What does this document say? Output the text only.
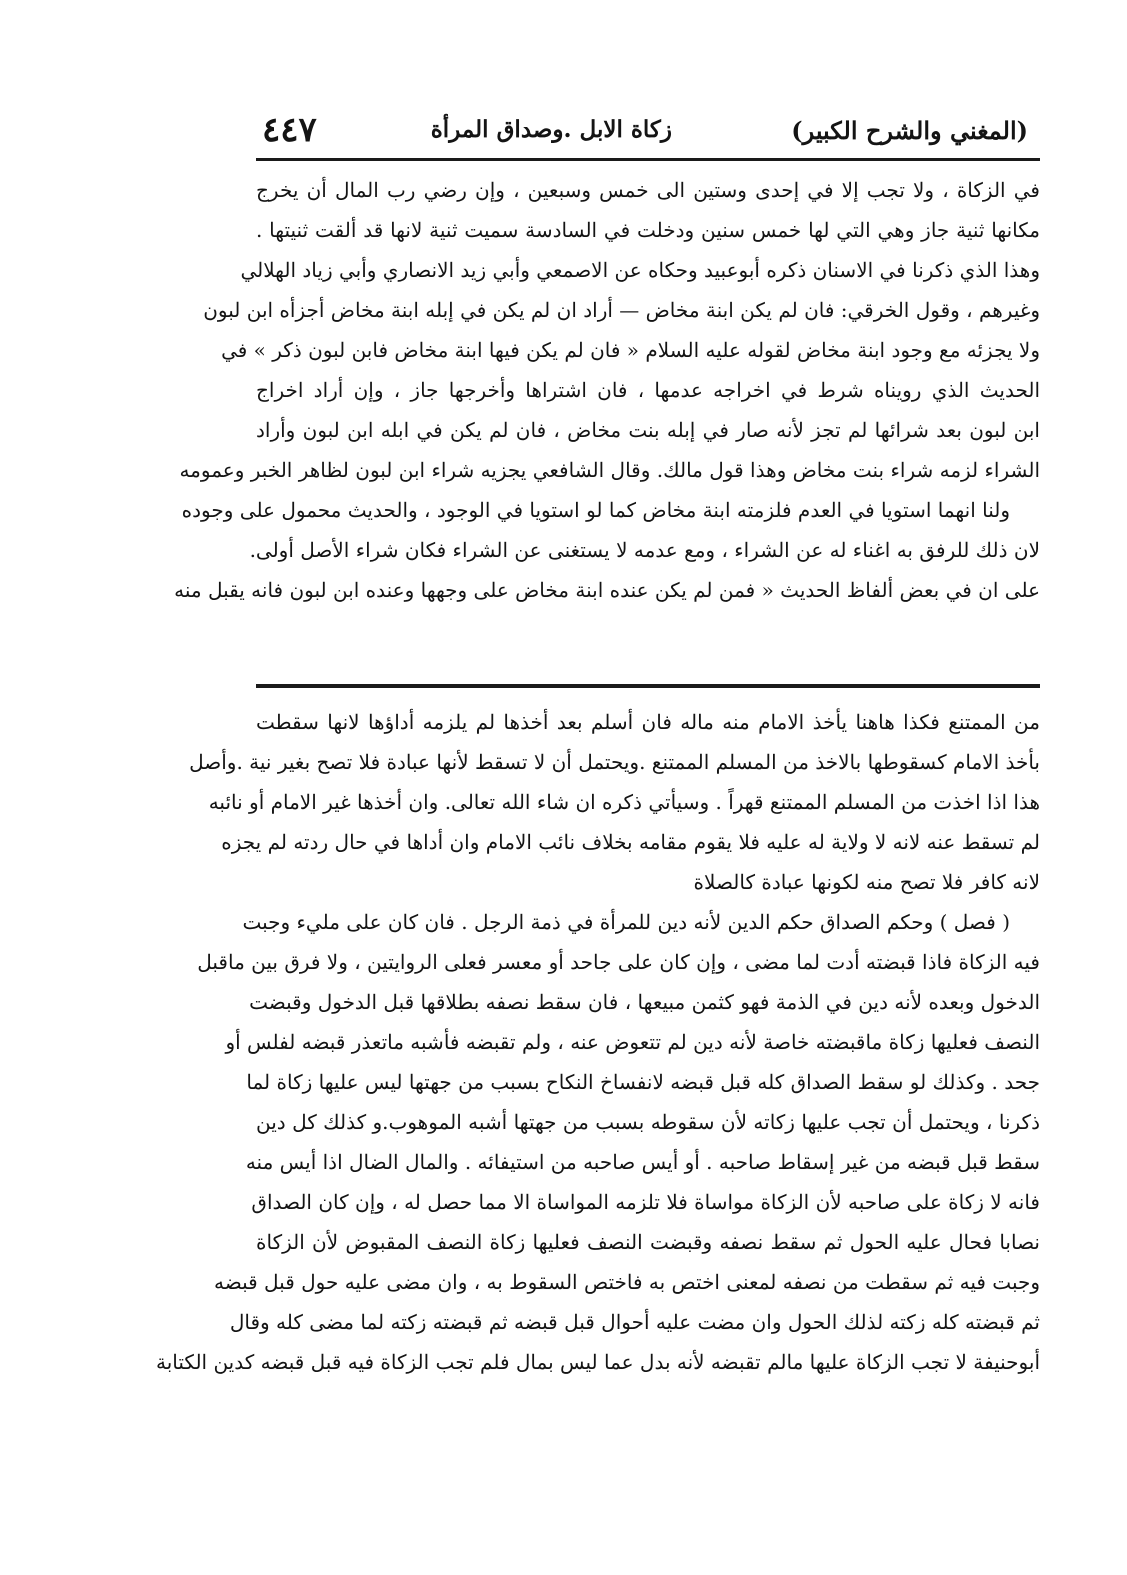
(المغني والشرح الكبير)
زكاة الابل .وصداق المرأة
٤٤٧
في الزكاة ، ولا تجب إلا في إحدى وستين الى خمس وسبعين ، وإن رضي رب المال أن يخرج
مكانها ثنية جاز وهي التي لها خمس سنين ودخلت في السادسة سميت ثنية لانها قد ألقت ثنيتها .
وهذا الذي ذكرنا في الاسنان ذكره أبوعبيد وحكاه عن الاصمعي وأبي زيد الانصاري وأبي زياد الهلالي
وغيرهم ، وقول الخرقي: فان لم يكن ابنة مخاض — أراد ان لم يكن في إبله ابنة مخاض أجزأه ابن لبون
ولا يجزئه مع وجود ابنة مخاض لقوله عليه السلام « فان لم يكن فيها ابنة مخاض فابن لبون ذكر » في
الحديث الذي رويناه شرط في اخراجه عدمها ، فان اشتراها وأخرجها جاز ، وإن أراد اخراج
ابن لبون بعد شرائها لم تجز لأنه صار في إبله بنت مخاض ، فان لم يكن في ابله ابن لبون وأراد
الشراء لزمه شراء بنت مخاض وهذا قول مالك. وقال الشافعي يجزيه شراء ابن لبون لظاهر الخبر وعمومه
ولنا انهما استويا في العدم فلزمته ابنة مخاض كما لو استويا في الوجود ، والحديث محمول على وجوده
لان ذلك للرفق به اغناء له عن الشراء ، ومع عدمه لا يستغنى عن الشراء فكان شراء الأصل أولى.
على ان في بعض ألفاظ الحديث « فمن لم يكن عنده ابنة مخاض على وجهها وعنده ابن لبون فانه يقبل منه
من الممتنع فكذا هاهنا يأخذ الامام منه ماله فان أسلم بعد أخذها لم يلزمه أداؤها لانها سقطت
بأخذ الامام كسقوطها بالاخذ من المسلم الممتنع .ويحتمل أن لا تسقط لأنها عبادة فلا تصح بغير نية .وأصل
هذا اذا اخذت من المسلم الممتنع قهراً . وسيأتي ذكره ان شاء الله تعالى. وان أخذها غير الامام أو نائبه
لم تسقط عنه لانه لا ولاية له عليه فلا يقوم مقامه بخلاف نائب الامام وان أداها في حال ردته لم يجزه
لانه كافر فلا تصح منه لكونها عبادة كالصلاة
( فصل ) وحكم الصداق حكم الدين لأنه دين للمرأة في ذمة الرجل . فان كان على مليء وجبت
فيه الزكاة فاذا قبضته أدت لما مضى ، وإن كان على جاحد أو معسر فعلى الروايتين ، ولا فرق بين ماقبل
الدخول وبعده لأنه دين في الذمة فهو كثمن مبيعها ، فان سقط نصفه بطلاقها قبل الدخول وقبضت
النصف فعليها زكاة ماقبضته خاصة لأنه دين لم تتعوض عنه ، ولم تقبضه فأشبه ماتعذر قبضه لفلس أو
جحد . وكذلك لو سقط الصداق كله قبل قبضه لانفساخ النكاح بسبب من جهتها ليس عليها زكاة لما
ذكرنا ، ويحتمل أن تجب عليها زكاته لأن سقوطه بسبب من جهتها أشبه الموهوب.و كذلك كل دين
سقط قبل قبضه من غير إسقاط صاحبه . أو أيس صاحبه من استيفائه . والمال الضال اذا أيس منه
فانه لا زكاة على صاحبه لأن الزكاة مواساة فلا تلزمه المواساة الا مما حصل له ، وإن كان الصداق
نصابا فحال عليه الحول ثم سقط نصفه وقبضت النصف فعليها زكاة النصف المقبوض لأن الزكاة
وجبت فيه ثم سقطت من نصفه لمعنى اختص به فاختص السقوط به ، وان مضى عليه حول قبل قبضه
ثم قبضته كله زكته لذلك الحول وان مضت عليه أحوال قبل قبضه ثم قبضته زكته لما مضى كله وقال
أبوحنيفة لا تجب الزكاة عليها مالم تقبضه لأنه بدل عما ليس بمال فلم تجب الزكاة فيه قبل قبضه كدين الكتابة
